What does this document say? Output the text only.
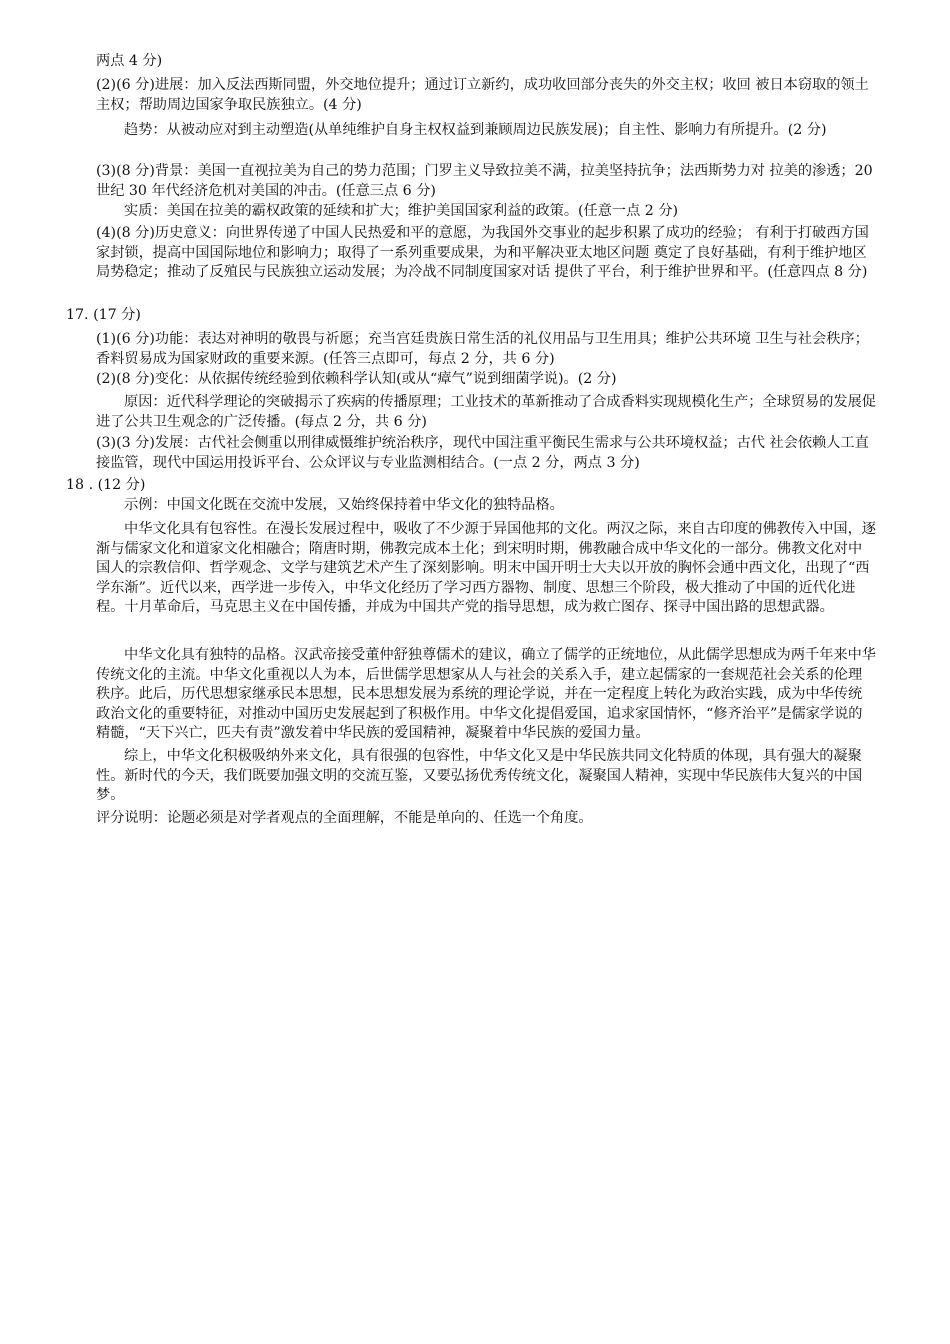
两点 4 分)

(2)(6 分)进展：加入反法西斯同盟，外交地位提升；通过订立新约，成功收回部分丧失的外交主权；收回 被日本窃取的领土主权；帮助周边国家争取民族独立。(4 分)

趋势：从被动应对到主动塑造(从单纯维护自身主权权益到兼顾周边民族发展)；自主性、影响力有所提升。(2 分)

(3)(8 分)背景：美国一直视拉美为自己的势力范围；门罗主义导致拉美不满，拉美坚持抗争；法西斯势力对 拉美的渗透；20 世纪 30 年代经济危机对美国的冲击。(任意三点 6 分)

实质：美国在拉美的霸权政策的延续和扩大；维护美国国家利益的政策。(任意一点 2 分)

(4)(8 分)历史意义：向世界传递了中国人民热爱和平的意愿，为我国外交事业的起步积累了成功的经验； 有利于打破西方国家封锁，提高中国国际地位和影响力；取得了一系列重要成果，为和平解决亚太地区问题 奠定了良好基础，有利于维护地区局势稳定；推动了反殖民与民族独立运动发展；为冷战不同制度国家对话 提供了平台，利于维护世界和平。(任意四点 8 分)

17. (17 分)

(1)(6 分)功能：表达对神明的敬畏与祈愿；充当宫廷贵族日常生活的礼仪用品与卫生用具；维护公共环境 卫生与社会秩序；香料贸易成为国家财政的重要来源。(任答三点即可，每点 2 分，共 6 分)

(2)(8 分)变化：从依据传统经验到依赖科学认知(或从“瘴气”说到细菌学说)。(2 分)

原因：近代科学理论的突破揭示了疾病的传播原理；工业技术的革新推动了合成香料实现规模化生产；全球贸易的发展促进了公共卫生观念的广泛传播。(每点 2 分，共 6 分)

(3)(3 分)发展：古代社会侧重以刑律威慑维护统治秩序，现代中国注重平衡民生需求与公共环境权益；古代 社会依赖人工直接监管，现代中国运用投诉平台、公众评议与专业监测相结合。(一点 2 分，两点 3 分)

18 . (12 分)

示例：中国文化既在交流中发展，又始终保持着中华文化的独特品格。

中华文化具有包容性。在漫长发展过程中，吸收了不少源于异国他邦的文化。两汉之际，来自古印度的佛教传入中国，逐渐与儒家文化和道家文化相融合；隋唐时期，佛教完成本土化；到宋明时期，佛教融合成中华文化的一部分。佛教文化对中国人的宗教信仰、哲学观念、文学与建筑艺术产生了深刻影响。明末中国开明士大夫以开放的胸怀会通中西文化，出现了“西学东渐”。近代以来，西学进一步传入，中华文化经历了学习西方器物、制度、思想三个阶段，极大推动了中国的近代化进程。十月革命后，马克思主义在中国传播，并成为中国共产党的指导思想，成为救亡图存、探寻中国出路的思想武器。

中华文化具有独特的品格。汉武帝接受董仲舒独尊儒术的建议，确立了儒学的正统地位，从此儒学思想成为两千年来中华传统文化的主流。中华文化重视以人为本，后世儒学思想家从人与社会的关系入手，建立起儒家的一套规范社会关系的伦理秩序。此后，历代思想家继承民本思想，民本思想发展为系统的理论学说，并在一定程度上转化为政治实践，成为中华传统政治文化的重要特征，对推动中国历史发展起到了积极作用。中华文化提倡爱国，追求家国情怀，“修齐治平”是儒家学说的精髓，“天下兴亡，匹夫有责”激发着中华民族的爱国精神，凝聚着中华民族的爱国力量。

综上，中华文化积极吸纳外来文化，具有很强的包容性，中华文化又是中华民族共同文化特质的体现，具有强大的凝聚性。新时代的今天，我们既要加强文明的交流互鉴，又要弘扬优秀传统文化，凝聚国人精神，实现中华民族伟大复兴的中国梦。

评分说明：论题必须是对学者观点的全面理解，不能是单向的、任选一个角度。
